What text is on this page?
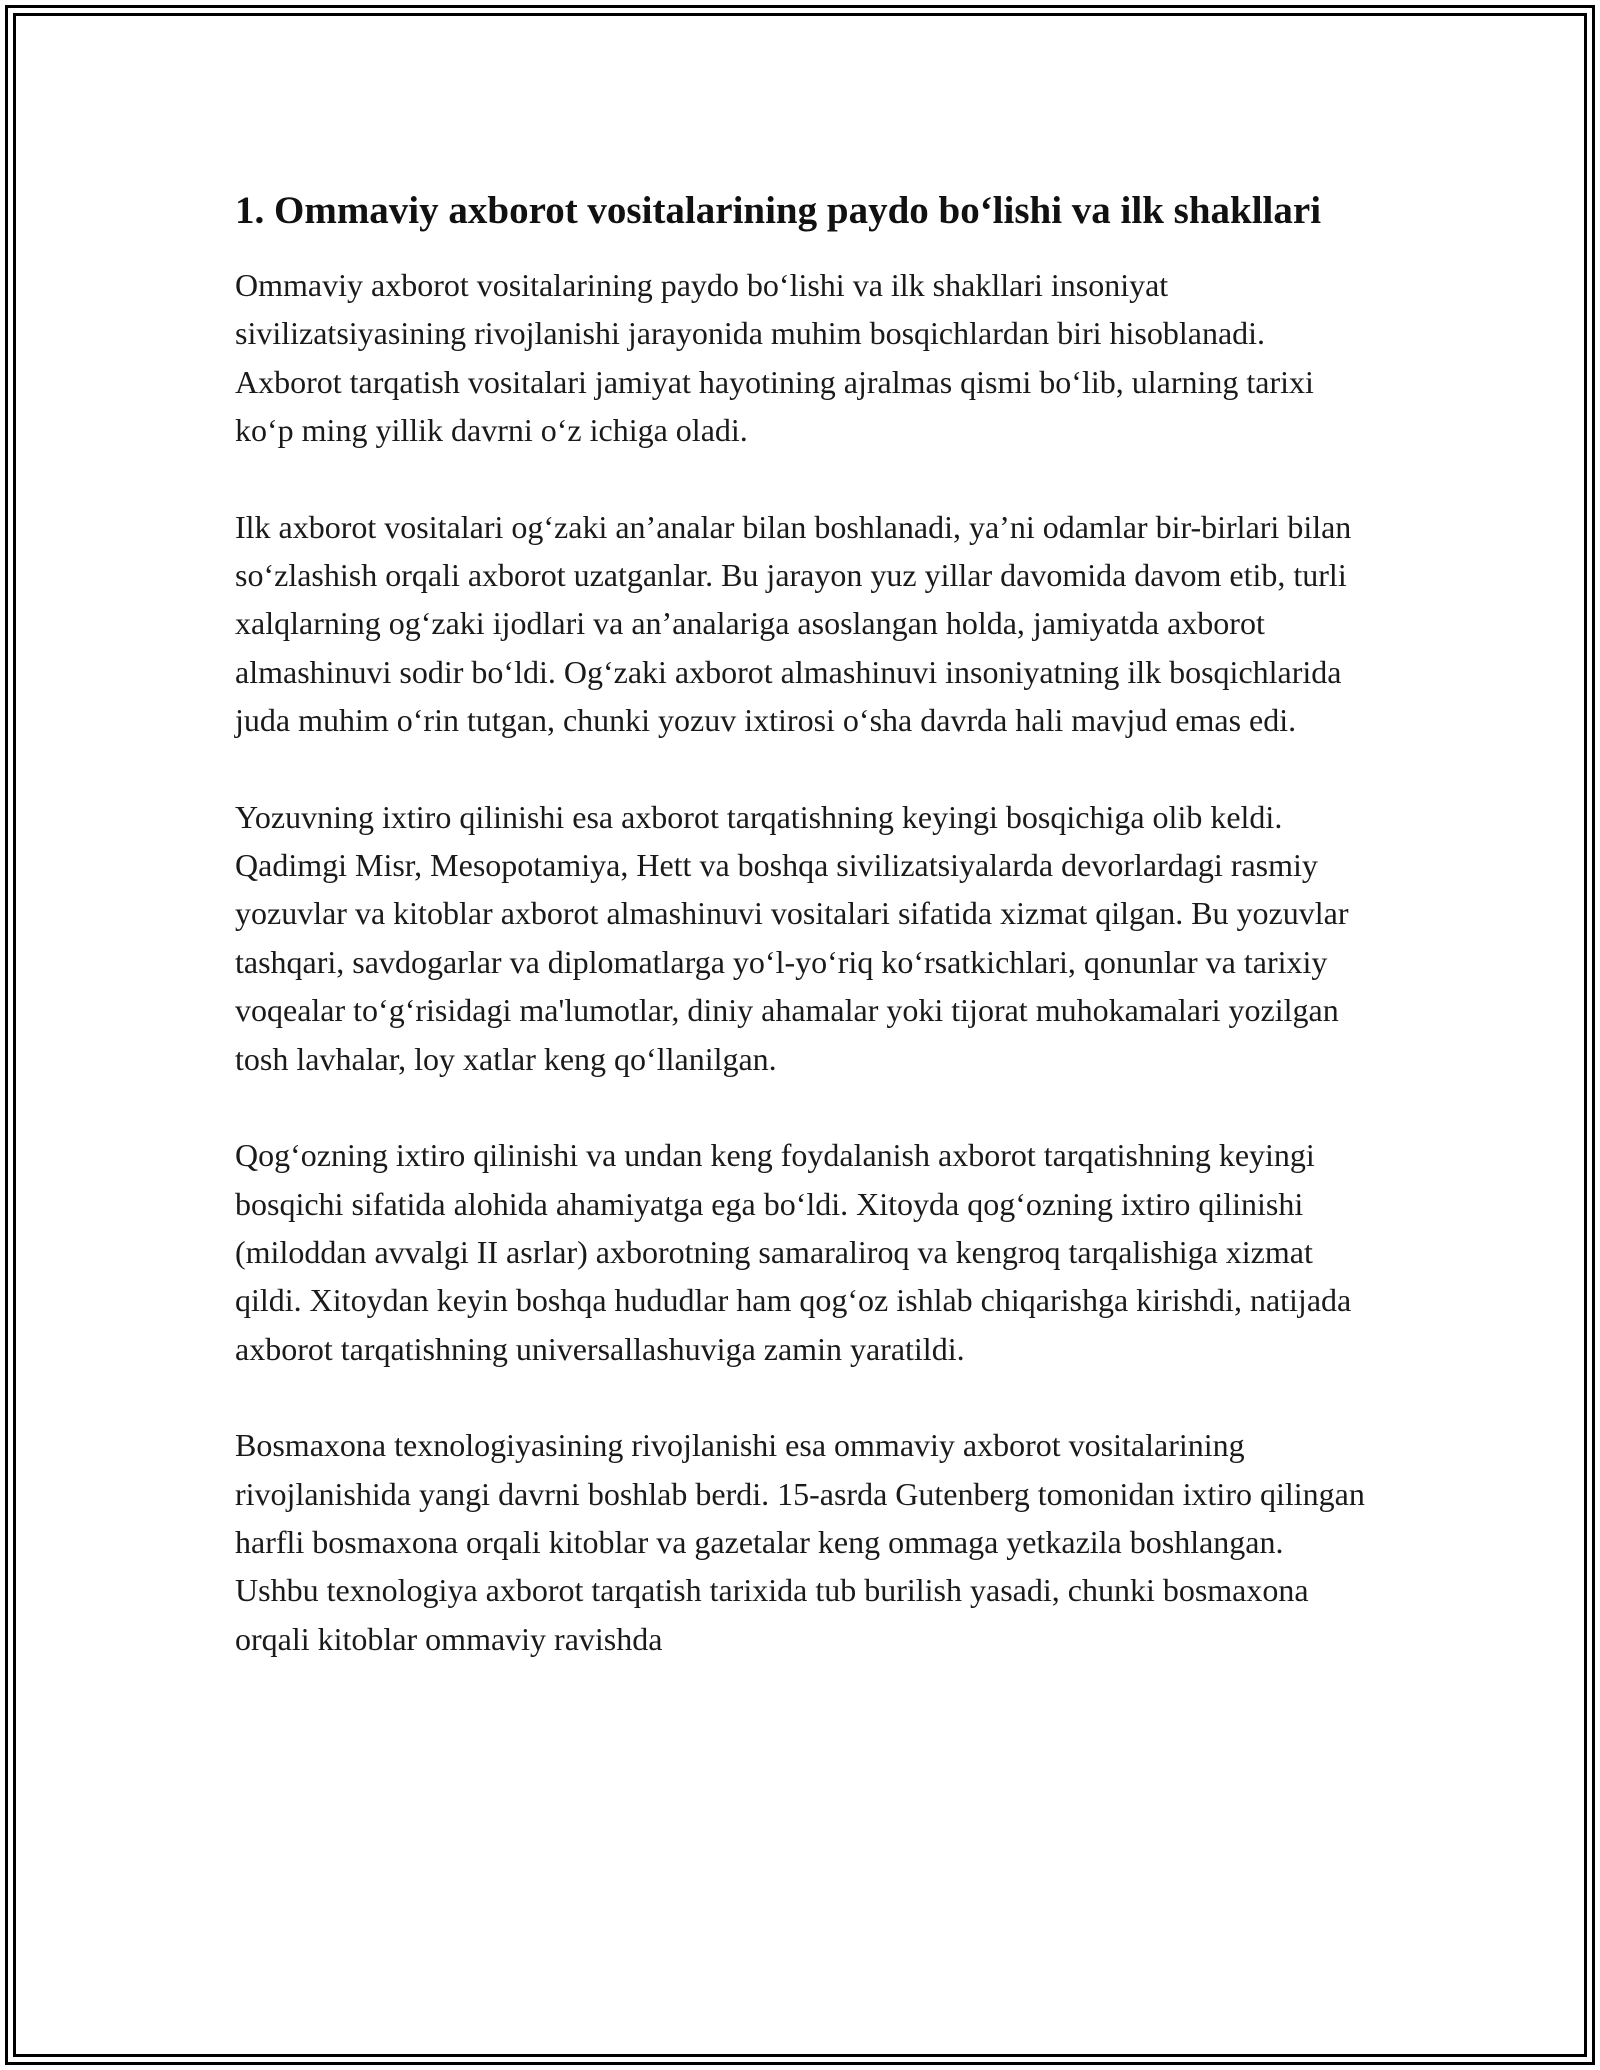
1. Ommaviy axborot vositalarining paydo bo‘lishi va ilk shakllari

Ommaviy axborot vositalarining paydo bo‘lishi va ilk shakllari insoniyat sivilizatsiyasining rivojlanishi jarayonida muhim bosqichlardan biri hisoblanadi. Axborot tarqatish vositalari jamiyat hayotining ajralmas qismi bo‘lib, ularning tarixi ko‘p ming yillik davrni o‘z ichiga oladi.

Ilk axborot vositalari og‘zaki an’analar bilan boshlanadi, ya’ni odamlar bir-birlari bilan so‘zlashish orqali axborot uzatganlar. Bu jarayon yuz yillar davomida davom etib, turli xalqlarning og‘zaki ijodlari va an’analariga asoslangan holda, jamiyatda axborot almashinuvi sodir bo‘ldi. Og‘zaki axborot almashinuvi insoniyatning ilk bosqichlarida juda muhim o‘rin tutgan, chunki yozuv ixtirosi o‘sha davrda hali mavjud emas edi.

Yozuvning ixtiro qilinishi esa axborot tarqatishning keyingi bosqichiga olib keldi. Qadimgi Misr, Mesopotamiya, Hett va boshqa sivilizatsiyalarda devorlardagi rasmiy yozuvlar va kitoblar axborot almashinuvi vositalari sifatida xizmat qilgan. Bu yozuvlar tashqari, savdogarlar va diplomatlarga yo‘l-yo‘riq ko‘rsatkichlari, qonunlar va tarixiy voqealar to‘g‘risidagi ma'lumotlar, diniy ahamalar yoki tijorat muhokamalari yozilgan tosh lavhalar, loy xatlar keng qo‘llanilgan.

Qog‘ozning ixtiro qilinishi va undan keng foydalanish axborot tarqatishning keyingi bosqichi sifatida alohida ahamiyatga ega bo‘ldi. Xitoyda qog‘ozning ixtiro qilinishi (miloddan avvalgi II asrlar) axborotning samaraliroq va kengroq tarqalishiga xizmat qildi. Xitoydan keyin boshqa hududlar ham qog‘oz ishlab chiqarishga kirishdi, natijada axborot tarqatishning universallashuviga zamin yaratildi.

Bosmaxona texnologiyasining rivojlanishi esa ommaviy axborot vositalarining rivojlanishida yangi davrni boshlab berdi. 15-asrda Gutenberg tomonidan ixtiro qilingan harfli bosmaxona orqali kitoblar va gazetalar keng ommaga yetkazila boshlangan. Ushbu texnologiya axborot tarqatish tarixida tub burilish yasadi, chunki bosmaxona orqali kitoblar ommaviy ravishda
